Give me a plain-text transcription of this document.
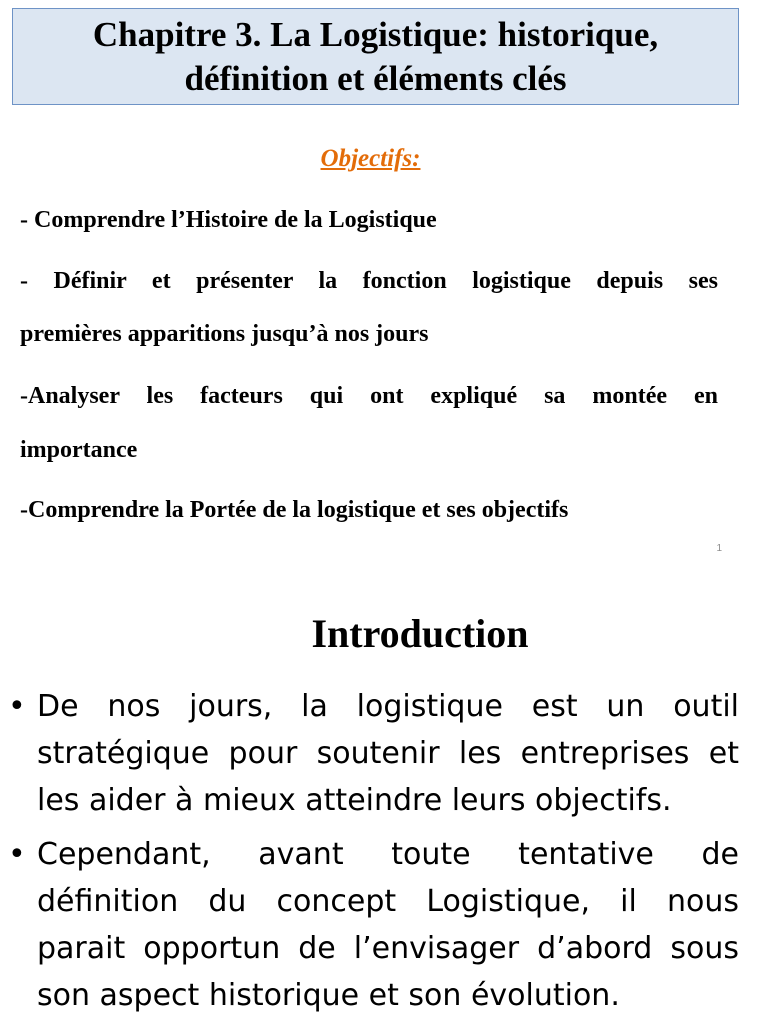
Chapitre 3. La Logistique: historique,
définition et éléments clés
Objectifs:
- Comprendre l’Histoire de la Logistique
- Définir et présenter la fonction logistique depuis ses
premières apparitions jusqu’à nos jours
-Analyser les facteurs qui ont expliqué sa montée en
importance
-Comprendre la Portée de la logistique et ses objectifs
1
Introduction
• De nos jours, la logistique est un outil
stratégique pour soutenir les entreprises et
les aider à mieux atteindre leurs objectifs.
• Cependant, avant toute tentative de
définition du concept Logistique, il nous
parait opportun de l’envisager d’abord sous
son aspect historique et son évolution.
